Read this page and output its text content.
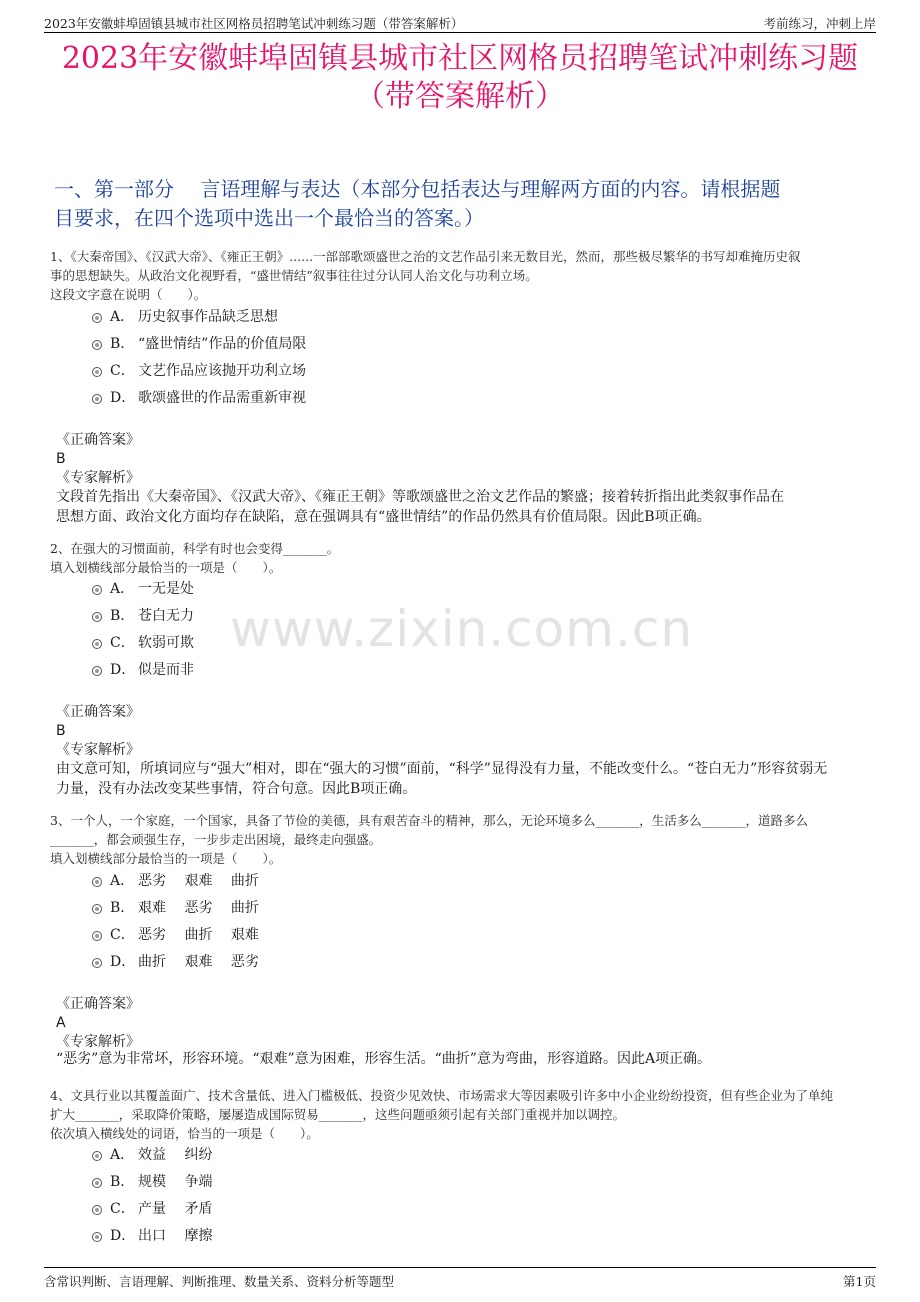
2023年安徽蚌埠固镇县城市社区网格员招聘笔试冲刺练习题（带答案解析）	考前练习，冲刺上岸
2023年安徽蚌埠固镇县城市社区网格员招聘笔试冲刺练习题
（带答案解析）
一、第一部分　 言语理解与表达（本部分包括表达与理解两方面的内容。请根据题
目要求，在四个选项中选出一个最恰当的答案。）
www.zixin.com.cn
1、《大秦帝国》、《汉武大帝》、《雍正王朝》......一部部歌颂盛世之治的文艺作品引来无数目光，然而，那些极尽繁华的书写却难掩历史叙
事的思想缺失。从政治文化视野看，“盛世情结”叙事往往过分认同人治文化与功利立场。
这段文字意在说明（　　）。
A． 历史叙事作品缺乏思想
B． “盛世情结”作品的价值局限
C． 文艺作品应该抛开功利立场
D． 歌颂盛世的作品需重新审视
《正确答案》
B
《专家解析》
文段首先指出《大秦帝国》、《汉武大帝》、《雍正王朝》等歌颂盛世之治文艺作品的繁盛；接着转折指出此类叙事作品在
思想方面、政治文化方面均存在缺陷，意在强调具有“盛世情结”的作品仍然具有价值局限。因此B项正确。
2、在强大的习惯面前，科学有时也会变得_______。
填入划横线部分最恰当的一项是（　　）。
A． 一无是处
B． 苍白无力
C． 软弱可欺
D． 似是而非
《正确答案》
B
《专家解析》
由文意可知，所填词应与“强大”相对，即在“强大的习惯”面前，“科学”显得没有力量，不能改变什么。“苍白无力”形容贫弱无
力量，没有办法改变某些事情，符合句意。因此B项正确。
3、一个人，一个家庭，一个国家，具备了节俭的美德，具有艰苦奋斗的精神，那么，无论环境多么_______，生活多么_______，道路多么
_______，都会顽强生存，一步步走出困境，最终走向强盛。
填入划横线部分最恰当的一项是（　　）。
A． 恶劣　 艰难　 曲折
B． 艰难　 恶劣　 曲折
C． 恶劣　 曲折　 艰难
D． 曲折　 艰难　 恶劣
《正确答案》
A
《专家解析》
“恶劣”意为非常坏，形容环境。“艰难”意为困难，形容生活。“曲折”意为弯曲，形容道路。因此A项正确。
4、文具行业以其覆盖面广、技术含量低、进入门槛极低、投资少见效快、市场需求大等因素吸引许多中小企业纷纷投资，但有些企业为了单纯
扩大_______，采取降价策略，屡屡造成国际贸易_______，这些问题亟须引起有关部门重视并加以调控。
依次填入横线处的词语，恰当的一项是（　　）。
A． 效益　 纠纷
B． 规模　 争端
C． 产量　 矛盾
D． 出口　 摩擦
含常识判断、言语理解、判断推理、数量关系、资料分析等题型	第1页
